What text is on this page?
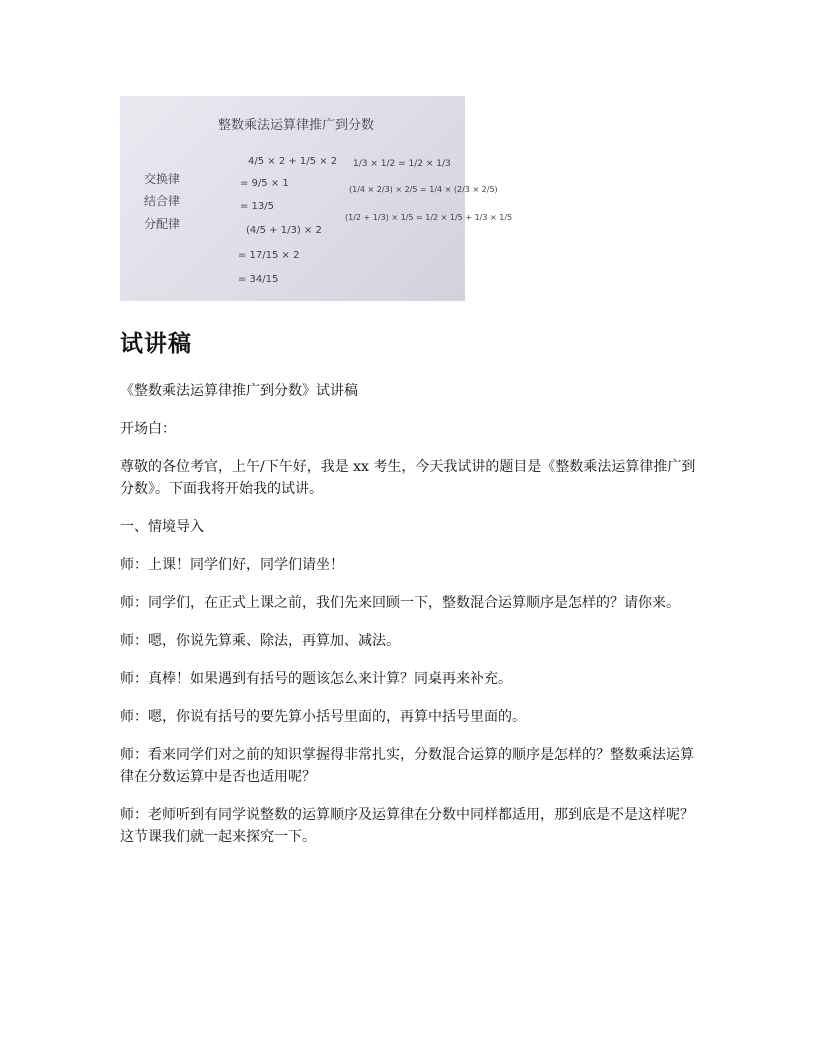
整数乘法运算律推广到分数
交换律
结合律
分配律
4/5 × 2 + 1/5 × 2
= 9/5 × 1
= 13/5
(4/5 + 1/3) × 2
= 17/15 × 2
= 34/15
1/3 × 1/2 = 1/2 × 1/3
(1/4 × 2/3) × 2/5 = 1/4 × (2/3 × 2/5)
(1/2 + 1/3) × 1/5 = 1/2 × 1/5 + 1/3 × 1/5
试讲稿

《整数乘法运算律推广到分数》试讲稿

开场白：

尊敬的各位考官，上午/下午好，我是 xx 考生，今天我试讲的题目是《整数乘法运算律推广到分数》。下面我将开始我的试讲。

一、情境导入

师：上课！同学们好，同学们请坐！

师：同学们，在正式上课之前，我们先来回顾一下，整数混合运算顺序是怎样的？请你来。

师：嗯，你说先算乘、除法，再算加、减法。

师：真棒！如果遇到有括号的题该怎么来计算？同桌再来补充。

师：嗯，你说有括号的要先算小括号里面的，再算中括号里面的。

师：看来同学们对之前的知识掌握得非常扎实，分数混合运算的顺序是怎样的？整数乘法运算律在分数运算中是否也适用呢？

师：老师听到有同学说整数的运算顺序及运算律在分数中同样都适用，那到底是不是这样呢？这节课我们就一起来探究一下。
